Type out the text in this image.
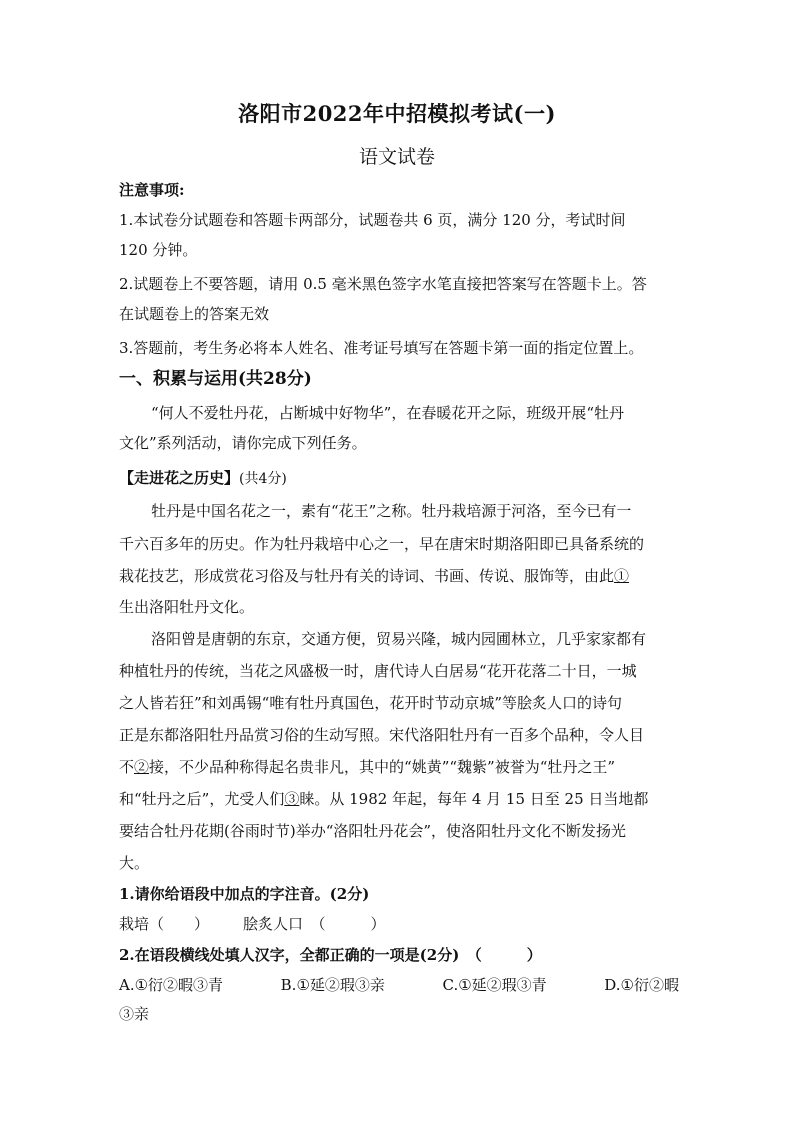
洛阳市2022年中招模拟考试(一)
语文试卷
注意事项:
1.本试卷分试题卷和答题卡两部分，试题卷共 6 页，满分 120 分，考试时间
120 分钟。
2.试题卷上不要答题，请用 0.5 毫米黑色签字水笔直接把答案写在答题卡上。答
在试题卷上的答案无效
3.答题前，考生务必将本人姓名、准考证号填写在答题卡第一面的指定位置上。
一、积累与运用(共28分)
“何人不爱牡丹花，占断城中好物华”，在春暖花开之际，班级开展“牡丹
文化”系列活动，请你完成下列任务。
【走进花之历史】(共4分)
牡丹是中国名花之一，素有“花王”之称。牡丹栽培源于河洛，至今已有一
千六百多年的历史。作为牡丹栽培中心之一，早在唐宋时期洛阳即已具备系统的
栽花技艺，形成赏花习俗及与牡丹有关的诗词、书画、传说、服饰等，由此①
生出洛阳牡丹文化。
洛阳曾是唐朝的东京，交通方便，贸易兴隆，城内园圃林立，几乎家家都有
种植牡丹的传统，当花之风盛极一时，唐代诗人白居易“花开花落二十日，一城
之人皆若狂”和刘禹锡“唯有牡丹真国色，花开时节动京城”等脍炙人口的诗句
正是东都洛阳牡丹品赏习俗的生动写照。宋代洛阳牡丹有一百多个品种，令人目
不②接，不少品种称得起名贵非凡，其中的“姚黄”“魏紫”被誉为“牡丹之王”
和“牡丹之后”，尤受人们③睐。从 1982 年起，每年 4 月 15 日至 25 日当地都
要结合牡丹花期(谷雨时节)举办“洛阳牡丹花会”，使洛阳牡丹文化不断发扬光
大。
1.请你给语段中加点的字注音。(2分)
栽培（　　） 脍炙人口　（　　　）
2.在语段横线处填人汉字，全都正确的一项是(2分)　（　　　）
A.①衍②暇③青	B.①延②瑕③亲	C.①延②瑕③青	D.①衍②暇
③亲
